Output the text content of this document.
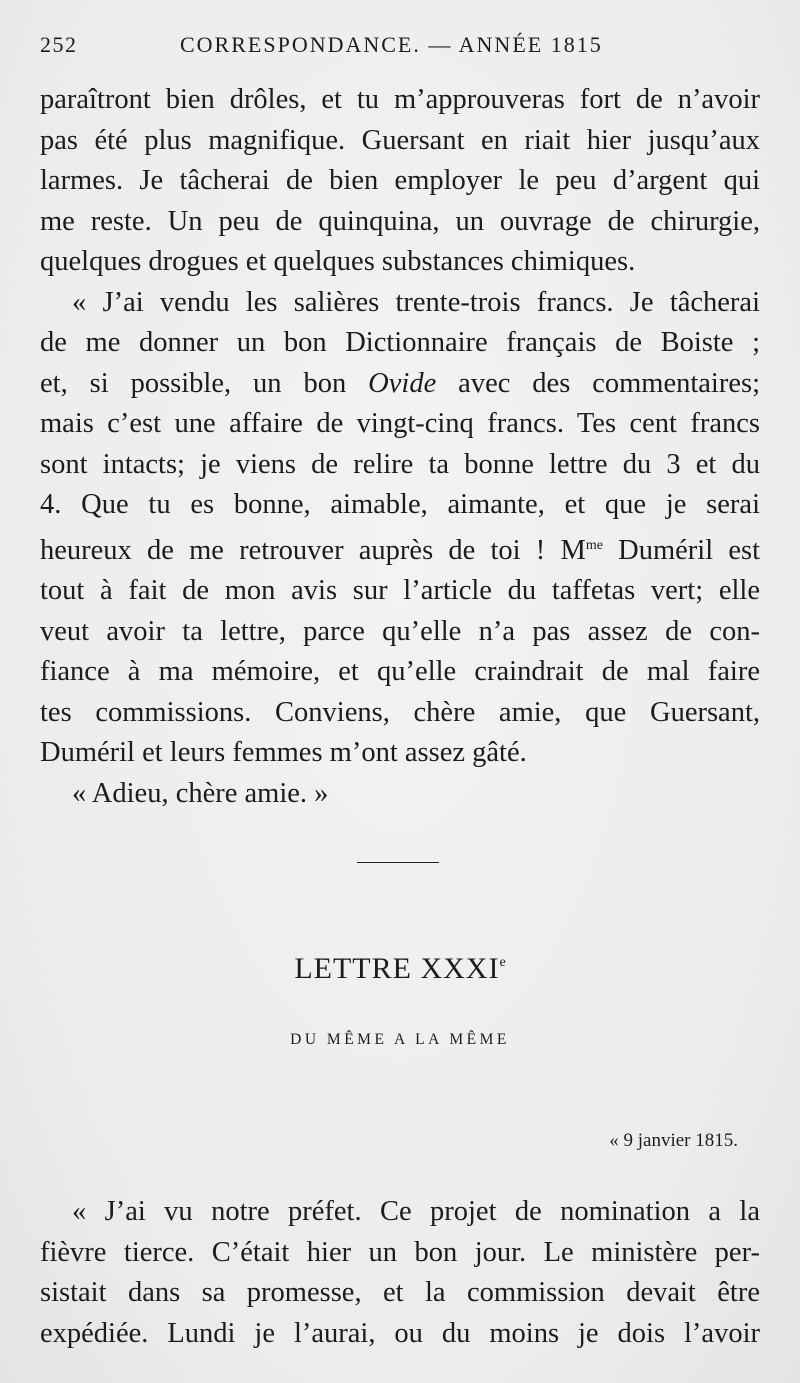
252	CORRESPONDANCE. — ANNÉE 1815
paraîtront bien drôles, et tu m’approuveras fort de n’avoir
pas été plus magnifique. Guersant en riait hier jusqu’aux
larmes. Je tâcherai de bien employer le peu d’argent qui
me reste. Un peu de quinquina, un ouvrage de chirurgie,
quelques drogues et quelques substances chimiques.
« J’ai vendu les salières trente-trois francs. Je tâcherai
de me donner un bon Dictionnaire français de Boiste ;
et, si possible, un bon Ovide avec des commentaires;
mais c’est une affaire de vingt-cinq francs. Tes cent francs
sont intacts; je viens de relire ta bonne lettre du 3 et du
4. Que tu es bonne, aimable, aimante, et que je serai
heureux de me retrouver auprès de toi ! $M^{me}$ Duméril est
tout à fait de mon avis sur l’article du taffetas vert; elle
veut avoir ta lettre, parce qu’elle n’a pas assez de con-
fiance à ma mémoire, et qu’elle craindrait de mal faire
tes commissions. Conviens, chère amie, que Guersant,
Duméril et leurs femmes m’ont assez gâté.
« Adieu, chère amie. »
LETTRE XXXIe
DU MÊME A LA MÊME
« 9 janvier 1815.
« J’ai vu notre préfet. Ce projet de nomination a la
fièvre tierce. C’était hier un bon jour. Le ministère per-
sistait dans sa promesse, et la commission devait être
expédiée. Lundi je l’aurai, ou du moins je dois l’avoir
